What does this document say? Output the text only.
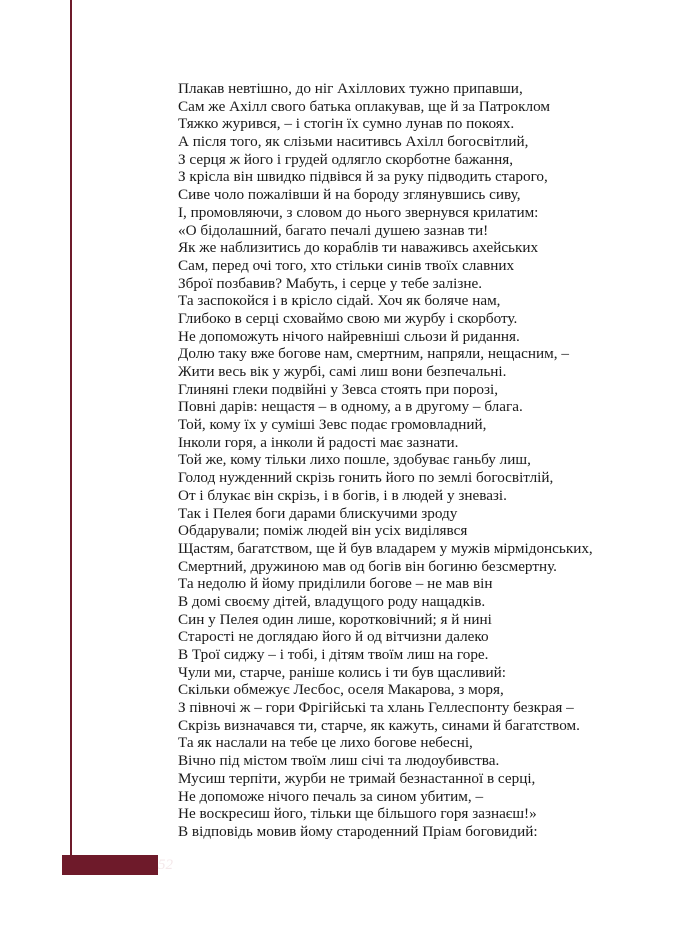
Плакав невтішно, до ніг Ахіллових тужно припавши,
Сам же Ахілл свого батька оплакував, ще й за Патроклом
Тяжко журився, – і стогін їх сумно лунав по покоях.
А після того, як слізьми наситивсь Ахілл богосвітлий,
З серця ж його і грудей одлягло скорботне бажання,
З крісла він швидко підвівся й за руку підводить старого,
Сиве чоло пожалівши й на бороду зглянувшись сиву,
І, промовляючи, з словом до нього звернувся крилатим:
«О бідолашний, багато печалі душею зазнав ти!
Як же наблизитись до кораблів ти наваживсь ахейських
Сам, перед очі того, хто стільки синів твоїх славних
Зброї позбавив? Мабуть, і серце у тебе залізне.
Та заспокойся і в крісло сідай. Хоч як боляче нам,
Глибоко в серці сховаймо свою ми журбу і скорботу.
Не допоможуть нічого найревніші сльози й ридання.
Долю таку вже богове нам, смертним, напряли, нещасним, –
Жити весь вік у журбі, самі лиш вони безпечальні.
Глиняні глеки подвійні у Зевса стоять при порозі,
Повні дарів: нещастя – в одному, а в другому – блага.
Той, кому їх у суміші Зевс подає громовладний,
Інколи горя, а інколи й радості має зазнати.
Той же, кому тільки лихо пошле, здобуває ганьбу лиш,
Голод нужденний скрізь гонить його по землі богосвітлій,
От і блукає він скрізь, і в богів, і в людей у зневазі.
Так і Пелея боги дарами блискучими зроду
Обдарували; поміж людей він усіх виділявся
Щастям, багатством, ще й був владарем у мужів мірмідонських,
Смертний, дружиною мав од богів він богиню безсмертну.
Та недолю й йому приділили богове – не мав він
В домі своєму дітей, владущого роду нащадків.
Син у Пелея один лише, коротковічний; я й нині
Старості не доглядаю його й од вітчизни далеко
В Трої сиджу – і тобі, і дітям твоїм лиш на горе.
Чули ми, старче, раніше колись і ти був щасливий:
Скільки обмежує Лесбос, оселя Макарова, з моря,
З півночі ж – гори Фрігійські та хлань Геллеспонту безкрая –
Скрізь визначався ти, старче, як кажуть, синами й багатством.
Та як наслали на тебе це лихо богове небесні,
Вічно під містом твоїм лиш січі та людоубивства.
Мусиш терпіти, журби не тримай безнастанної в серці,
Не допоможе нічого печаль за сином убитим, –
Не воскресиш його, тільки ще більшого горя зазнаєш!»
В відповідь мовив йому староденний Пріам боговидий:
52
